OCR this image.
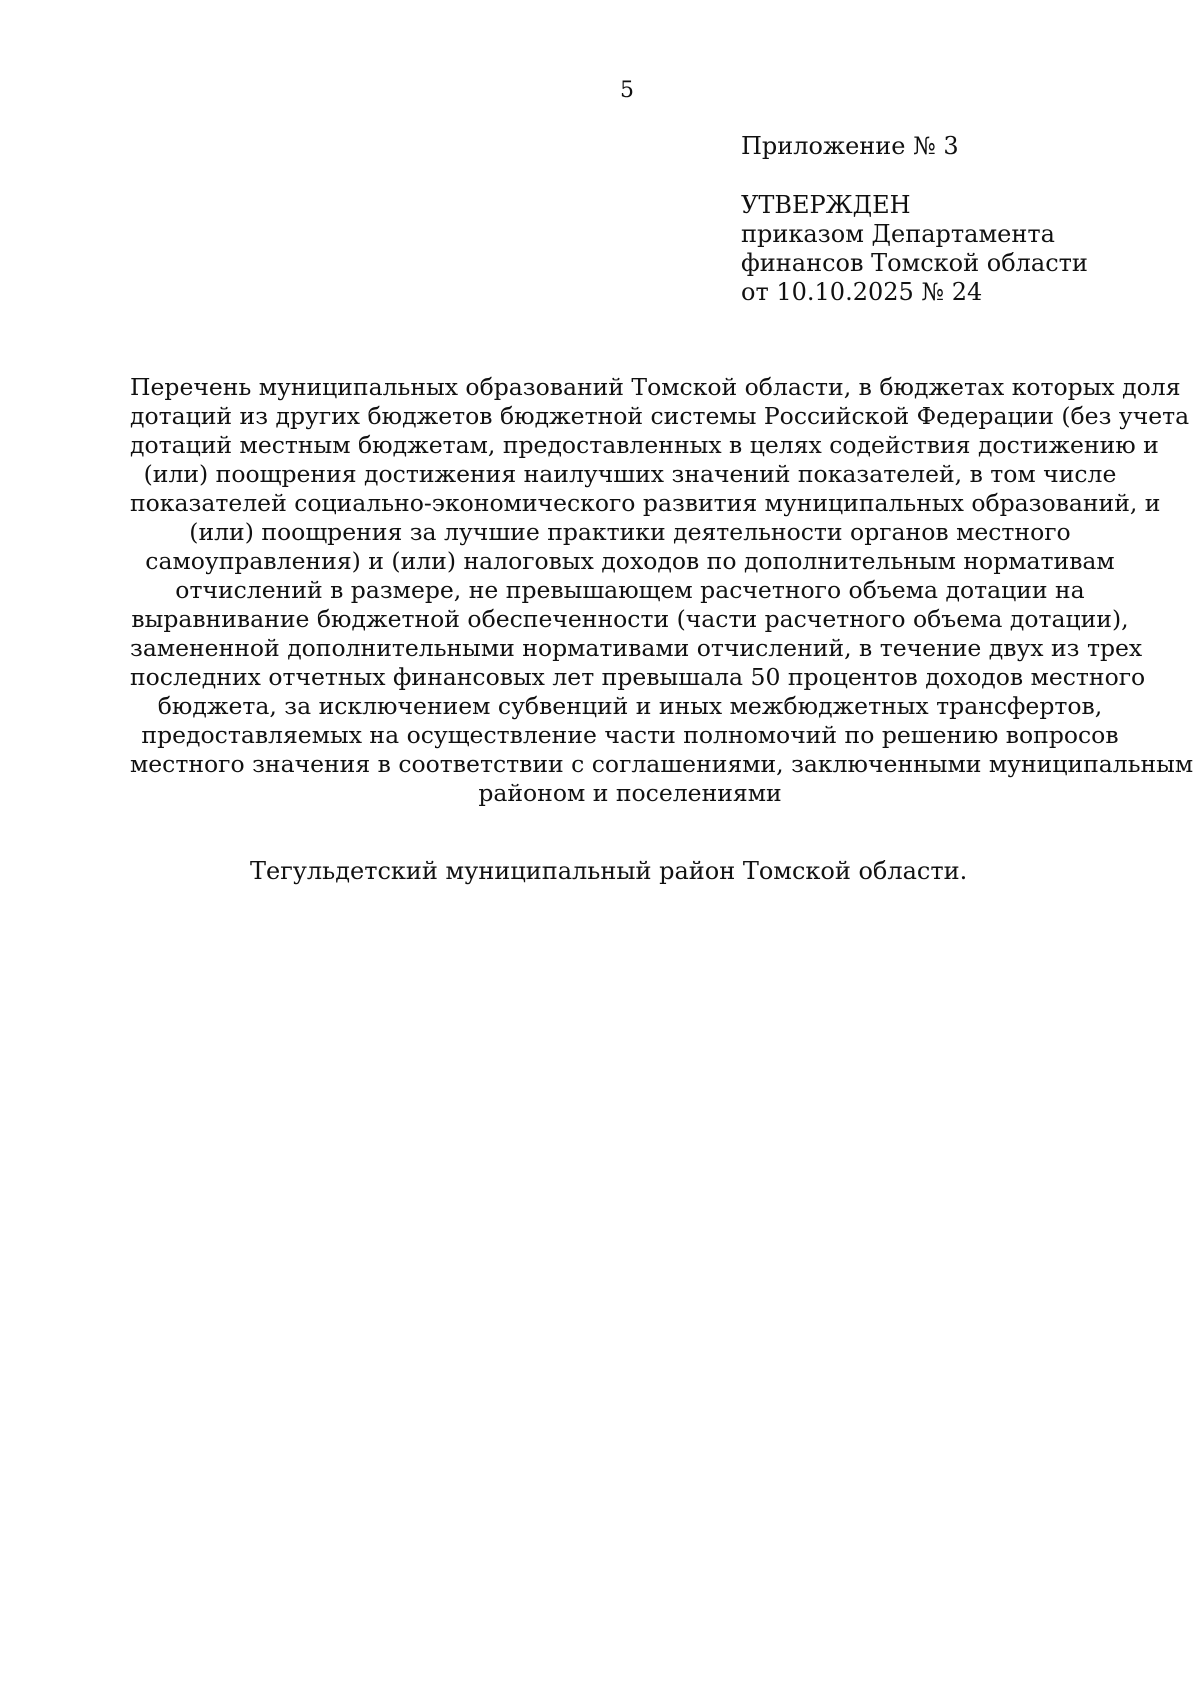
5
Приложение № 3
УТВЕРЖДЕН
приказом Департамента
финансов Томской области
от 10.10.2025 № 24
Перечень муниципальных образований Томской области, в бюджетах которых доля
дотаций из других бюджетов бюджетной системы Российской Федерации (без учета
дотаций местным бюджетам, предоставленных в целях содействия достижению и
(или) поощрения достижения наилучших значений показателей, в том числе
показателей социально-экономического развития муниципальных образований, и
(или) поощрения за лучшие практики деятельности органов местного
самоуправления) и (или) налоговых доходов по дополнительным нормативам
отчислений в размере, не превышающем расчетного объема дотации на
выравнивание бюджетной обеспеченности (части расчетного объема дотации),
замененной дополнительными нормативами отчислений, в течение двух из трех
последних отчетных финансовых лет превышала 50 процентов доходов местного
бюджета, за исключением субвенций и иных межбюджетных трансфертов,
предоставляемых на осуществление части полномочий по решению вопросов
местного значения в соответствии с соглашениями, заключенными муниципальным
районом и поселениями
Тегульдетский муниципальный район Томской области.
